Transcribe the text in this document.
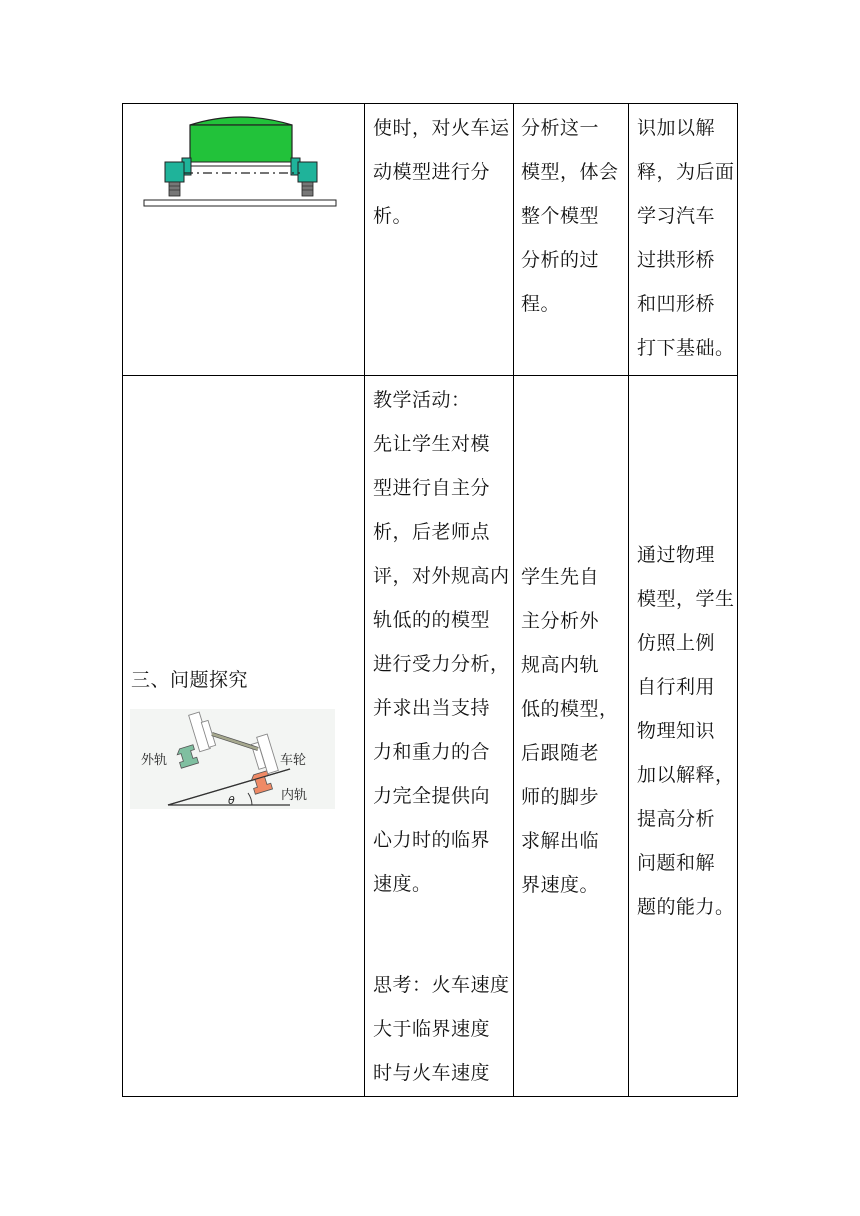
使时，对火车运
动模型进行分
析。
分析这一
模型，体会
整个模型
分析的过
程。
识加以解
释，为后面
学习汽车
过拱形桥
和凹形桥
打下基础。
三、问题探究
θ
外轨	车轮
内轨
教学活动：
先让学生对模
型进行自主分
析，后老师点
评，对外规高内
轨低的的模型
进行受力分析，
并求出当支持
力和重力的合
力完全提供向
心力时的临界
速度。
思考：火车速度
大于临界速度
时与火车速度
学生先自
主分析外
规高内轨
低的模型，
后跟随老
师的脚步
求解出临
界速度。
通过物理
模型，学生
仿照上例
自行利用
物理知识
加以解释，
提高分析
问题和解
题的能力。
